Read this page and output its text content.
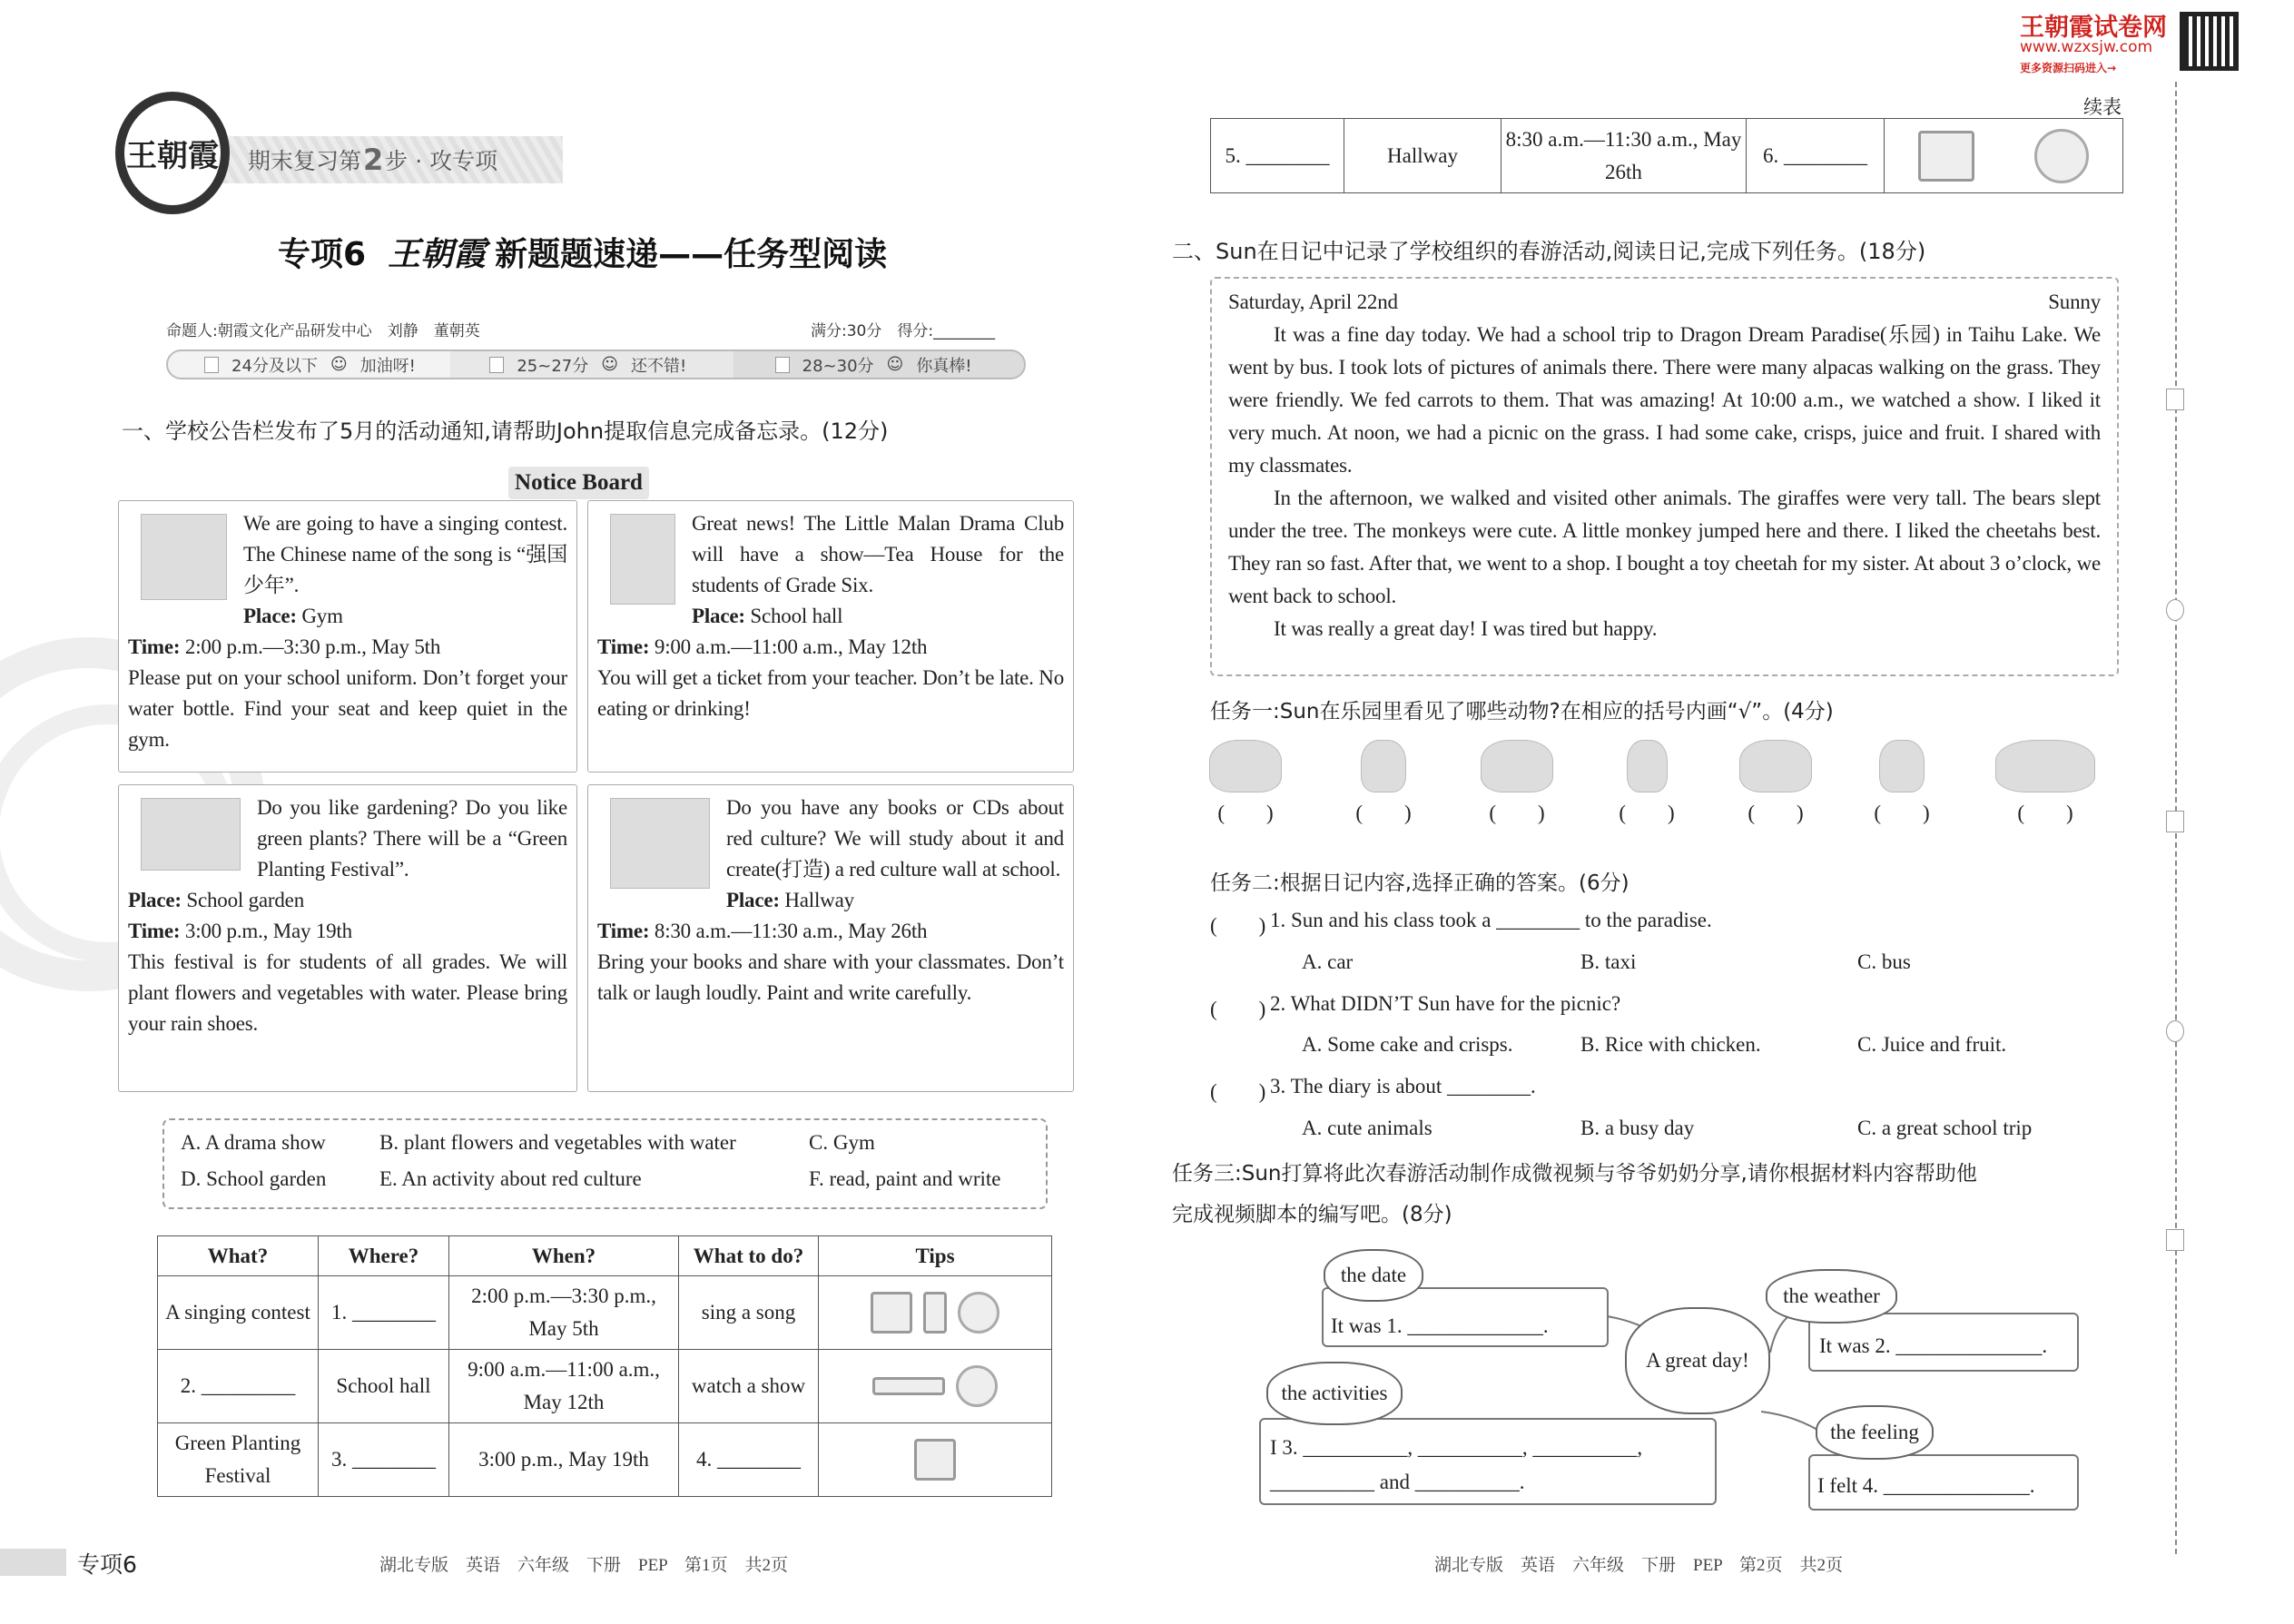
期末复习第 2 步 · 攻专项
王朝霞
专项6 王朝霞 新题题速递——任务型阅读
命题人:朝霞文化产品研发中心　刘静　董朝英	满分:30分　得分:________
24分及以下 ☺ 加油呀!	25~27分 ☺ 还不错!	28~30分 ☺ 你真棒!
一、学校公告栏发布了5月的活动通知,请帮助John提取信息完成备忘录。(12分)
Notice Board
We are going to have a singing contest. The Chinese name of the song is “强国少年”.
Place: Gym
Time: 2:00 p.m.—3:30 p.m., May 5th
Please put on your school uniform. Don’t forget your water bottle. Find your seat and keep quiet in the gym.
Great news! The Little Malan Drama Club will have a show—Tea House for the students of Grade Six.
Place: School hall
Time: 9:00 a.m.—11:00 a.m., May 12th
You will get a ticket from your teacher. Don’t be late. No eating or drinking!
Do you like gardening? Do you like green plants? There will be a “Green Planting Festival”.
Place: School garden
Time: 3:00 p.m., May 19th
This festival is for students of all grades. We will plant flowers and vegetables with water. Please bring your rain shoes.
Do you have any books or CDs about red culture? We will study about it and create(打造) a red culture wall at school.
Place: Hallway
Time: 8:30 a.m.—11:30 a.m., May 26th
Bring your books and share with your classmates. Don’t talk or laugh loudly. Paint and write carefully.
A. A drama show	B. plant flowers and vegetables with water	C. Gym
D. School garden	E. An activity about red culture	F. read, paint and write
What?	Where?	When?	What to do?	Tips
A singing contest	1. ________	2:00 p.m.—3:30 p.m., May 5th	sing a song	
2. _________	School hall	9:00 a.m.—11:00 a.m., May 12th	watch a show	
Green Planting Festival	3. ________	3:00 p.m., May 19th	4. ________	
专项6	湖北专版　英语　六年级　下册　PEP　第1页　共2页
王朝霞试卷网
www.wzxsjw.com
更多资源扫码进入→
续表
5. ________	Hallway	8:30 a.m.—11:30 a.m., May 26th	6. ________	
二、Sun在日记中记录了学校组织的春游活动,阅读日记,完成下列任务。(18分)
Saturday, April 22nd	Sunny

It was a fine day today. We had a school trip to Dragon Dream Paradise(乐园) in Taihu Lake. We went by bus. I took lots of pictures of animals there. There were many alpacas walking on the grass. They were friendly. We fed carrots to them. That was amazing! At 10:00 a.m., we watched a show. I liked it very much. At noon, we had a picnic on the grass. I had some cake, crisps, juice and fruit. I shared with my classmates.

In the afternoon, we walked and visited other animals. The giraffes were very tall. The bears slept under the tree. The monkeys were cute. A little monkey jumped here and there. I liked the cheetahs best. They ran so fast. After that, we went to a shop. I bought a toy cheetah for my sister. At about 3 o’clock, we went back to school.

It was really a great day! I was tired but happy.

任务一:Sun在乐园里看见了哪些动物?在相应的括号内画“√”。(4分)
(　　)	(　　)	(　　)	(　　)	(　　)	(　　)	(　　)
任务二:根据日记内容,选择正确的答案。(6分)
(　　) 1. Sun and his class took a ________ to the paradise.
A. car	B. taxi	C. bus
(　　) 2. What DIDN’T Sun have for the picnic?
A. Some cake and crisps.	B. Rice with chicken.	C. Juice and fruit.
(　　) 3. The diary is about ________.
A. cute animals	B. a busy day	C. a great school trip
任务三:Sun打算将此次春游活动制作成微视频与爷爷奶奶分享,请你根据材料内容帮助他
完成视频脚本的编写吧。(8分)
It was 1. _____________.
the date
It was 2. ______________.
the weather
I 3. __________, __________, __________,
__________ and __________.
the activities
I felt 4. ______________.
the feeling
A great day!
湖北专版　英语　六年级　下册　PEP　第2页　共2页
